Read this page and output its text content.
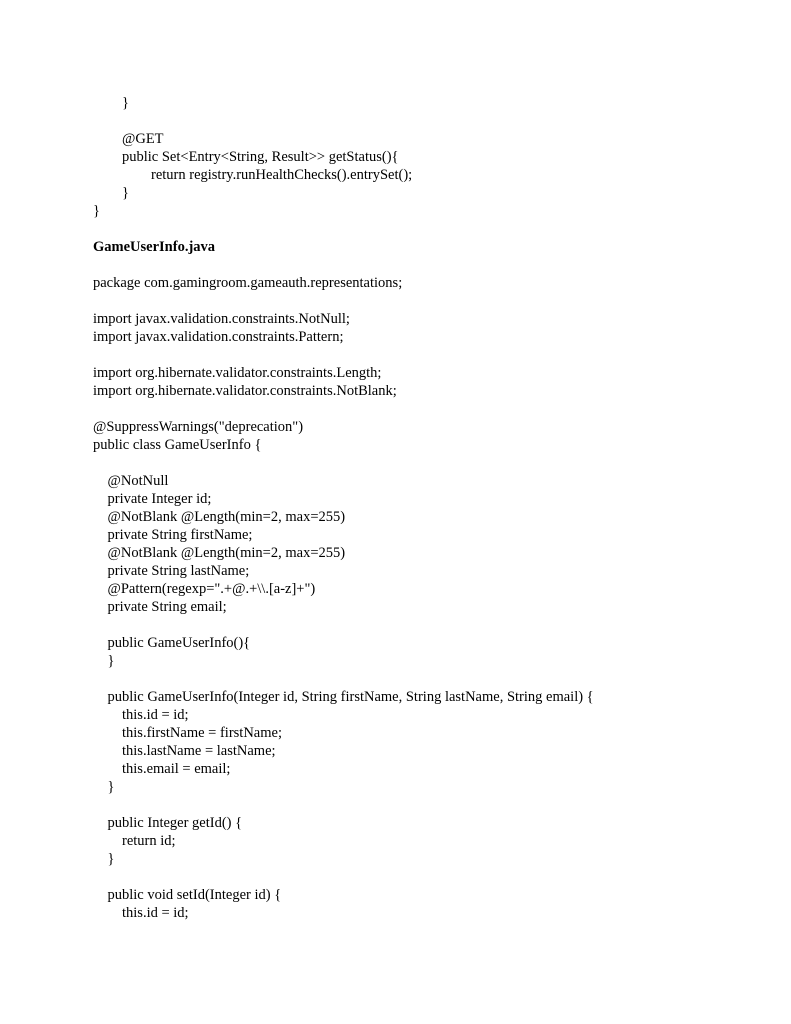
}
@GET
public Set<Entry<String, Result>> getStatus(){
return registry.runHealthChecks().entrySet();
}
}
GameUserInfo.java
package com.gamingroom.gameauth.representations;
import javax.validation.constraints.NotNull;
import javax.validation.constraints.Pattern;
import org.hibernate.validator.constraints.Length;
import org.hibernate.validator.constraints.NotBlank;
@SuppressWarnings("deprecation")
public class GameUserInfo {
@NotNull
private Integer id;
@NotBlank @Length(min=2, max=255)
private String firstName;
@NotBlank @Length(min=2, max=255)
private String lastName;
@Pattern(regexp=".+@.+\\.[a-z]+")
private String email;
public GameUserInfo(){
}
public GameUserInfo(Integer id, String firstName, String lastName, String email) {
this.id = id;
this.firstName = firstName;
this.lastName = lastName;
this.email = email;
}
public Integer getId() {
return id;
}
public void setId(Integer id) {
this.id = id;
